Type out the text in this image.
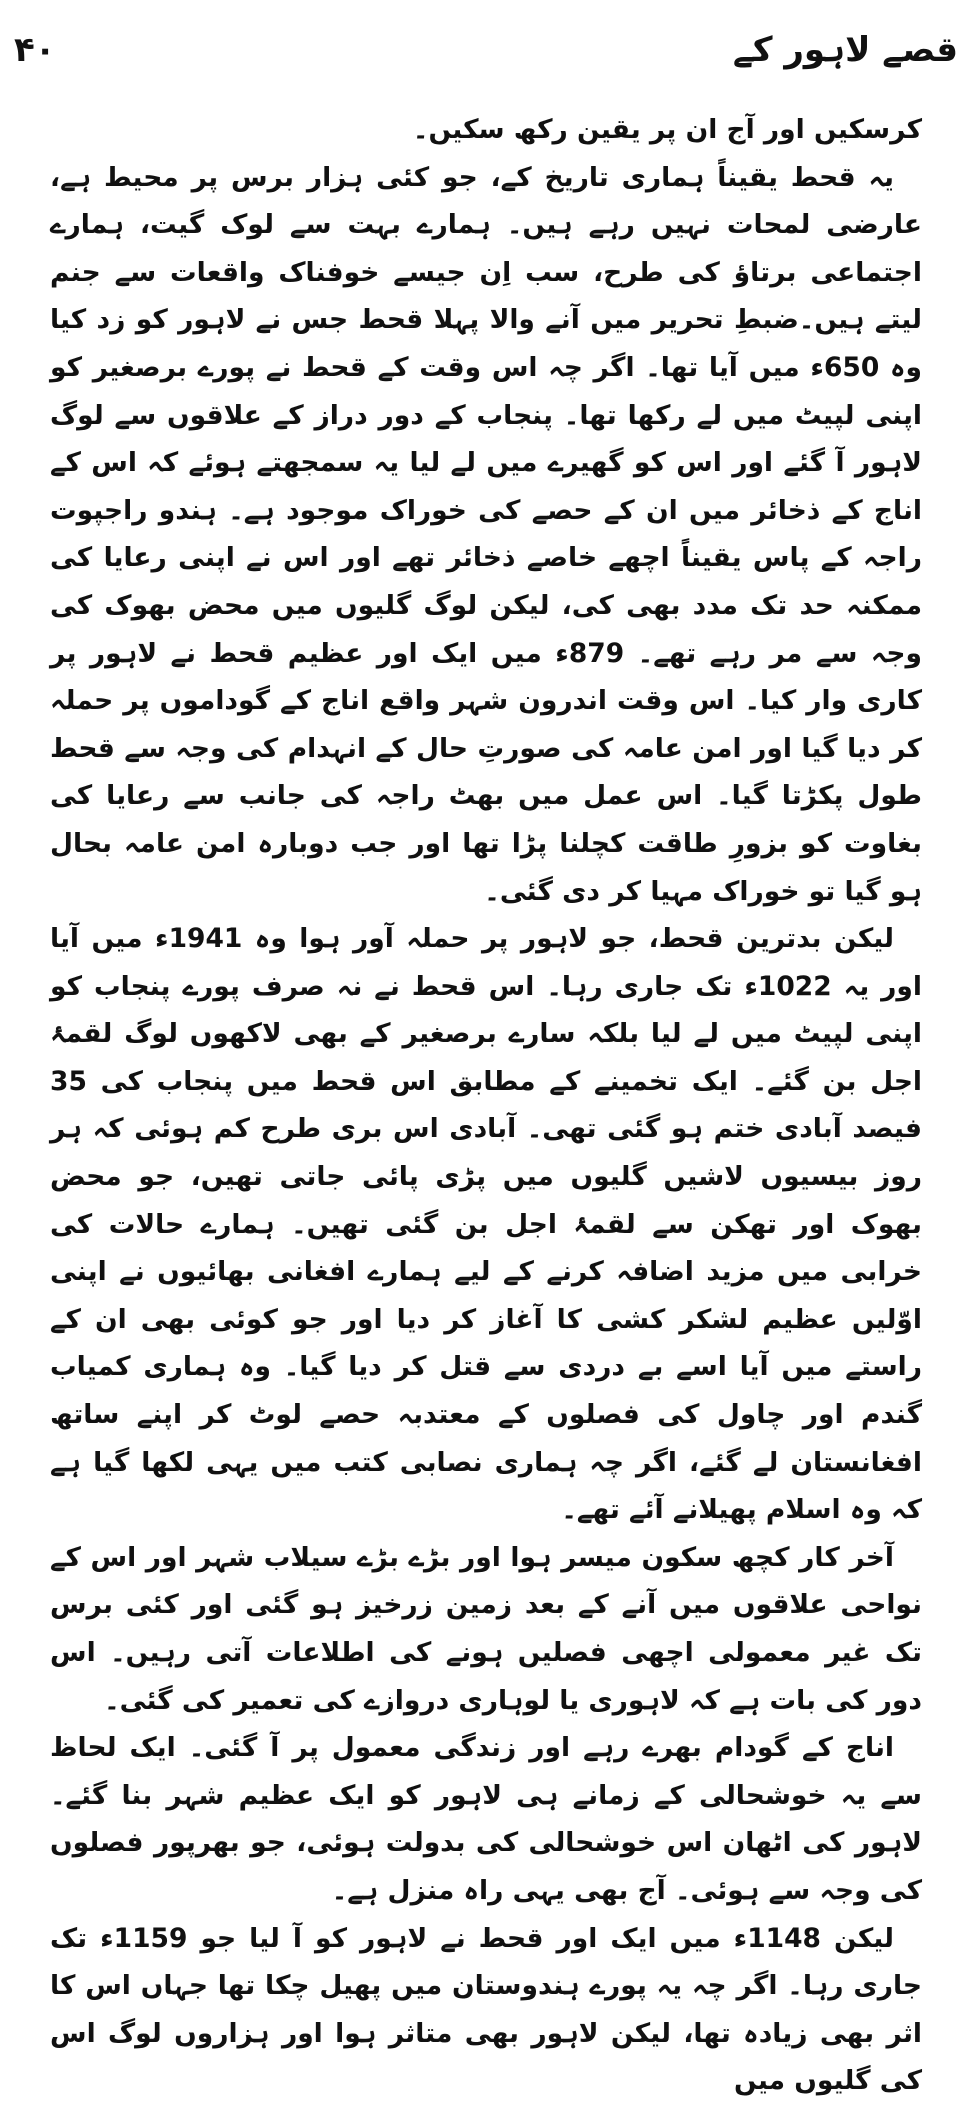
۴۰	قصے لاہور کے

کرسکیں اور آج ان پر یقین رکھ سکیں۔

یہ قحط یقیناً ہماری تاریخ کے، جو کئی ہزار برس پر محیط ہے، عارضی لمحات نہیں رہے ہیں۔ ہمارے بہت سے لوک گیت، ہمارے اجتماعی برتاؤ کی طرح، سب اِن جیسے خوفناک واقعات سے جنم لیتے ہیں۔ضبطِ تحریر میں آنے والا پہلا قحط جس نے لاہور کو زد کیا وہ 650ء میں آیا تھا۔ اگر چہ اس وقت کے قحط نے پورے برصغیر کو اپنی لپیٹ میں لے رکھا تھا۔ پنجاب کے دور دراز کے علاقوں سے لوگ لاہور آ گئے اور اس کو گھیرے میں لے لیا یہ سمجھتے ہوئے کہ اس کے اناج کے ذخائر میں ان کے حصے کی خوراک موجود ہے۔ ہندو راجپوت راجہ کے پاس یقیناً اچھے خاصے ذخائر تھے اور اس نے اپنی رعایا کی ممکنہ حد تک مدد بھی کی، لیکن لوگ گلیوں میں محض بھوک کی وجہ سے مر رہے تھے۔ 879ء میں ایک اور عظیم قحط نے لاہور پر کاری وار کیا۔ اس وقت اندرون شہر واقع اناج کے گوداموں پر حملہ کر دیا گیا اور امن عامہ کی صورتِ حال کے انہدام کی وجہ سے قحط طول پکڑتا گیا۔ اس عمل میں بھٹ راجہ کی جانب سے رعایا کی بغاوت کو بزورِ طاقت کچلنا پڑا تھا اور جب دوبارہ امن عامہ بحال ہو گیا تو خوراک مہیا کر دی گئی۔

لیکن بدترین قحط، جو لاہور پر حملہ آور ہوا وہ 1941ء میں آیا اور یہ 1022ء تک جاری رہا۔ اس قحط نے نہ صرف پورے پنجاب کو اپنی لپیٹ میں لے لیا بلکہ سارے برصغیر کے بھی لاکھوں لوگ لقمۂ اجل بن گئے۔ ایک تخمینے کے مطابق اس قحط میں پنجاب کی 35 فیصد آبادی ختم ہو گئی تھی۔ آبادی اس بری طرح کم ہوئی کہ ہر روز بیسیوں لاشیں گلیوں میں پڑی پائی جاتی تھیں، جو محض بھوک اور تھکن سے لقمۂ اجل بن گئی تھیں۔ ہمارے حالات کی خرابی میں مزید اضافہ کرنے کے لیے ہمارے افغانی بھائیوں نے اپنی اوّلیں عظیم لشکر کشی کا آغاز کر دیا اور جو کوئی بھی ان کے راستے میں آیا اسے بے دردی سے قتل کر دیا گیا۔ وہ ہماری کمیاب گندم اور چاول کی فصلوں کے معتدبہ حصے لوٹ کر اپنے ساتھ افغانستان لے گئے، اگر چہ ہماری نصابی کتب میں یہی لکھا گیا ہے کہ وہ اسلام پھیلانے آئے تھے۔

آخر کار کچھ سکون میسر ہوا اور بڑے بڑے سیلاب شہر اور اس کے نواحی علاقوں میں آنے کے بعد زمین زرخیز ہو گئی اور کئی برس تک غیر معمولی اچھی فصلیں ہونے کی اطلاعات آتی رہیں۔ اس دور کی بات ہے کہ لاہوری یا لوہاری دروازے کی تعمیر کی گئی۔

اناج کے گودام بھرے رہے اور زندگی معمول پر آ گئی۔ ایک لحاظ سے یہ خوشحالی کے زمانے ہی لاہور کو ایک عظیم شہر بنا گئے۔ لاہور کی اٹھان اس خوشحالی کی بدولت ہوئی، جو بھرپور فصلوں کی وجہ سے ہوئی۔ آج بھی یہی راہ منزل ہے۔

لیکن 1148ء میں ایک اور قحط نے لاہور کو آ لیا جو 1159ء تک جاری رہا۔ اگر چہ یہ پورے ہندوستان میں پھیل چکا تھا جہاں اس کا اثر بھی زیادہ تھا، لیکن لاہور بھی متاثر ہوا اور ہزاروں لوگ اس کی گلیوں میں
